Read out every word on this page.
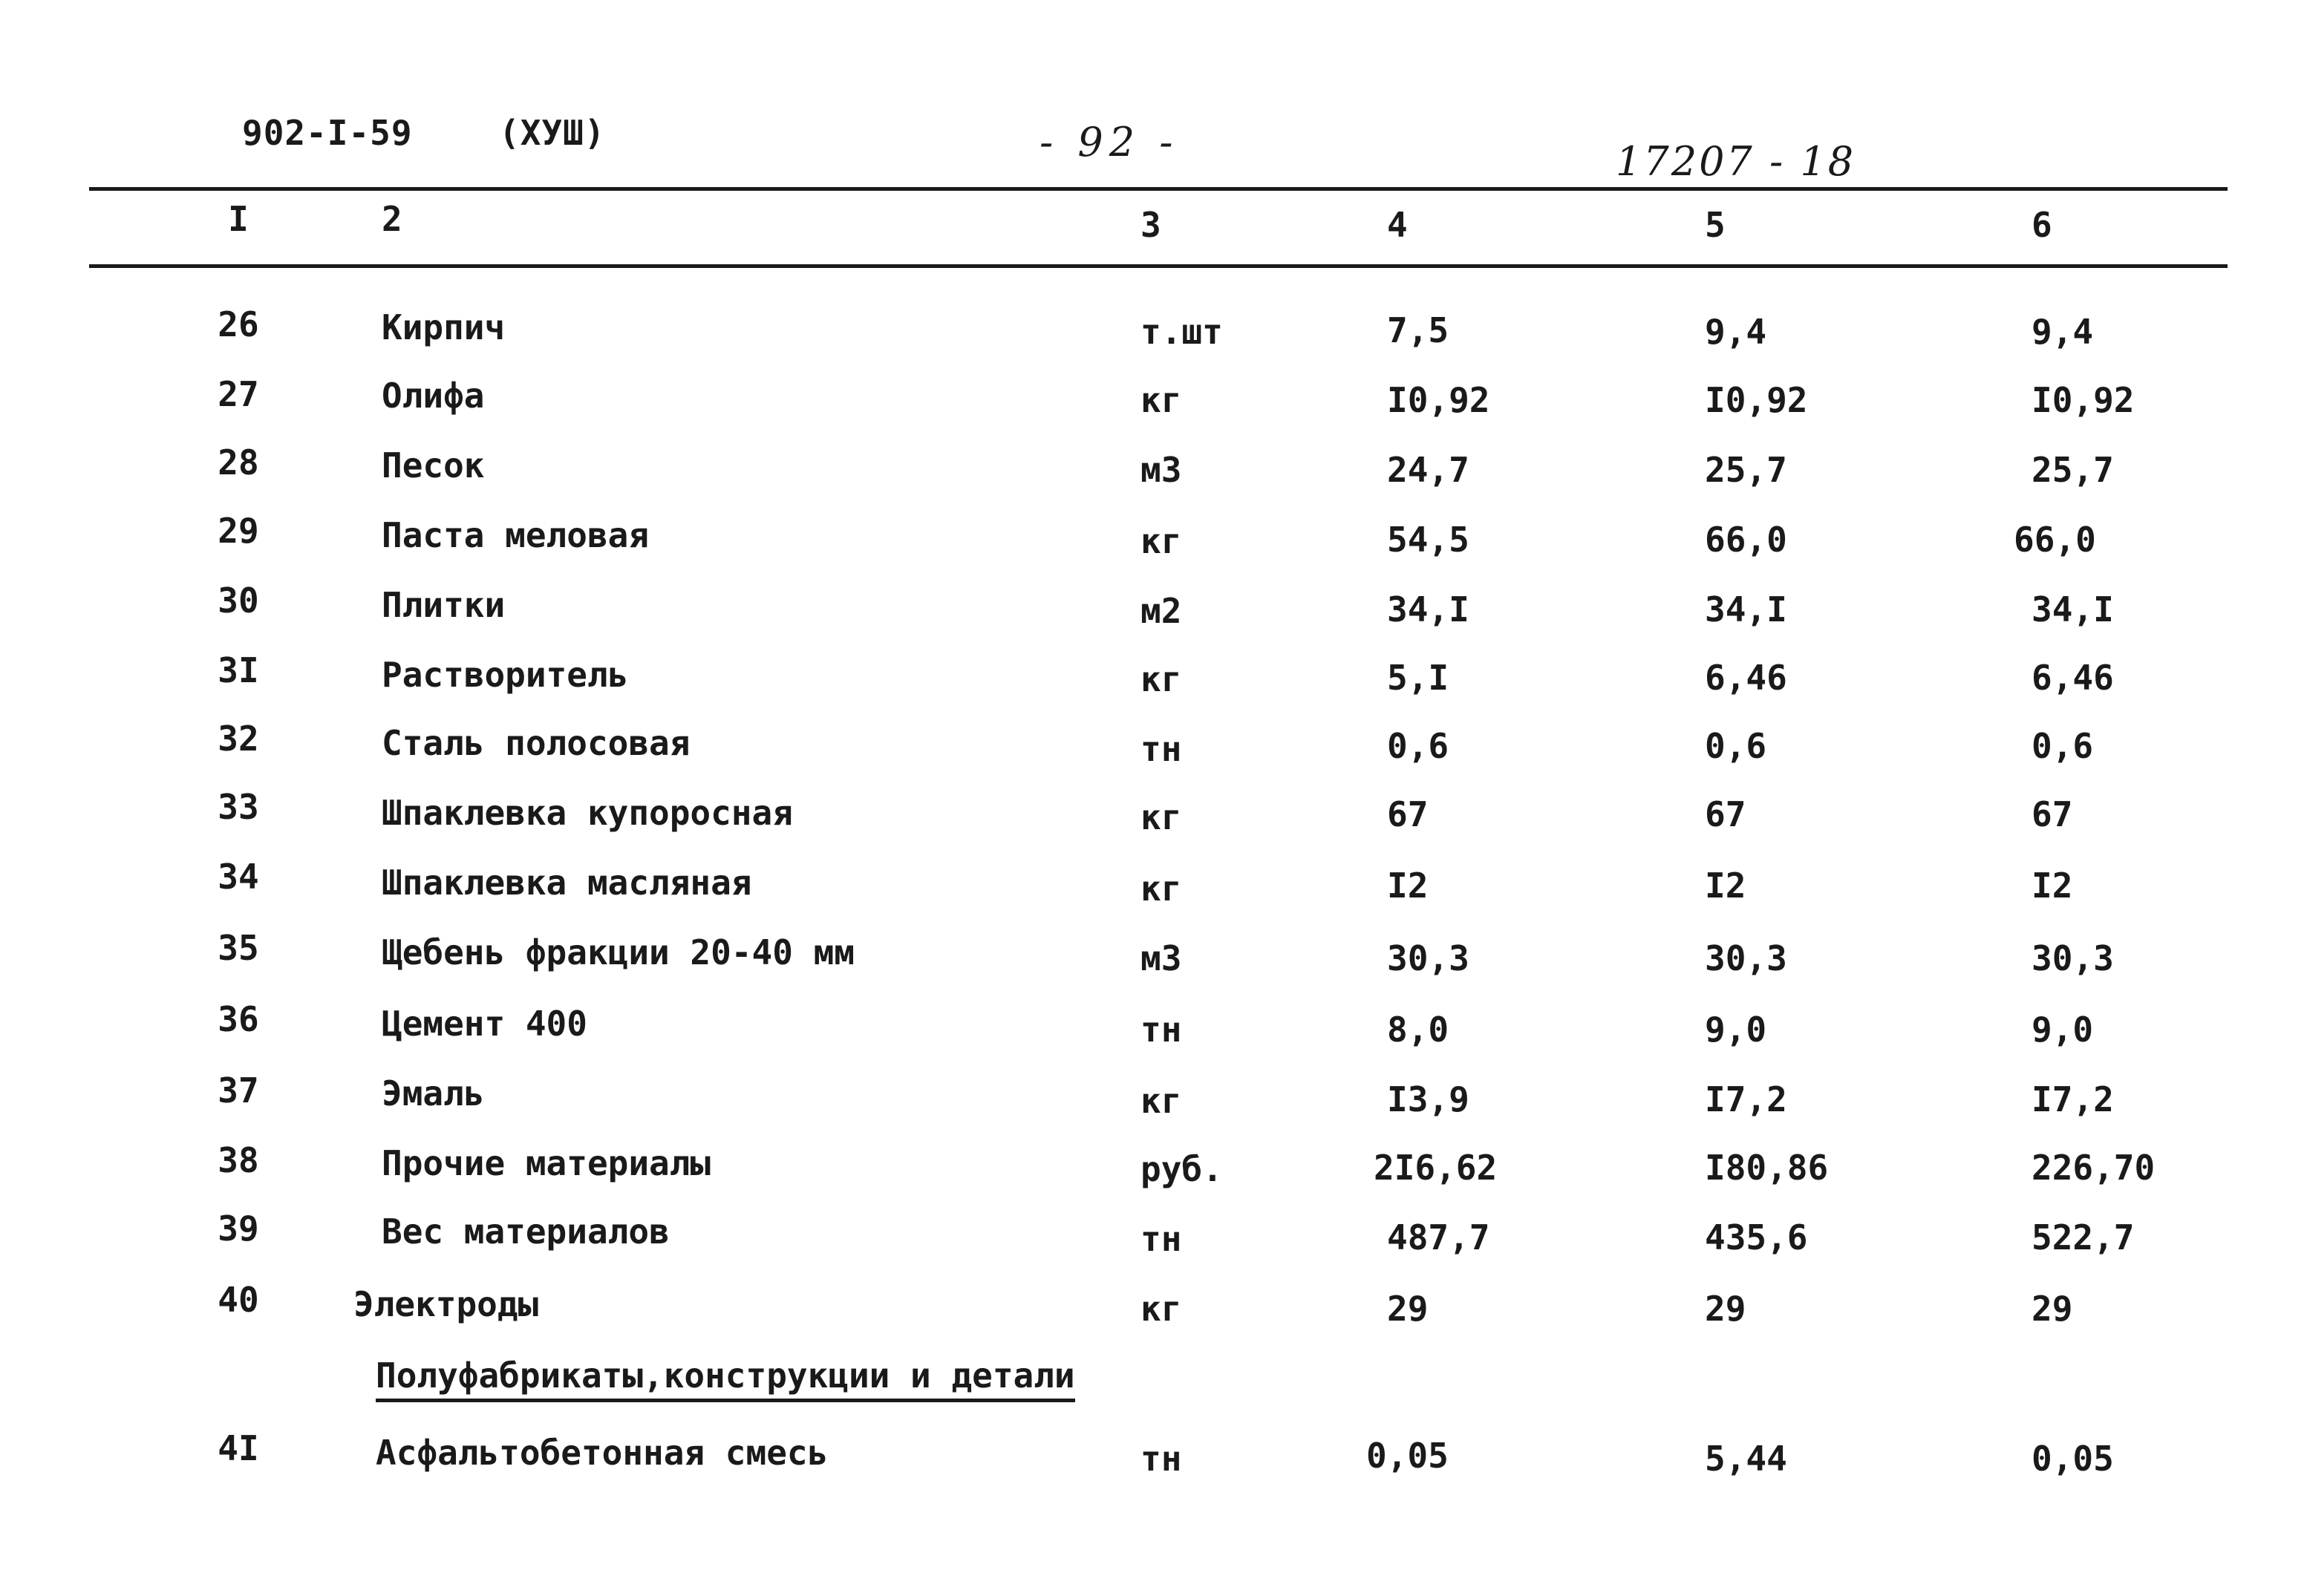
902-I-59	(ХУШ)	- 92 -	17207 - 18
I	2	3	4	5	6
26	Кирпич	т.шт	7,5	9,4	9,4
27	Олифа	кг	I0,92	I0,92	I0,92
28	Песок	м3	24,7	25,7	25,7
29	Паста меловая	кг	54,5	66,0	66,0
30	Плитки	м2	34,I	34,I	34,I
3I	Растворитель	кг	5,I	6,46	6,46
32	Сталь полосовая	тн	0,6	0,6	0,6
33	Шпаклевка купоросная	кг	67	67	67
34	Шпаклевка масляная	кг	I2	I2	I2
35	Щебень фракции 20-40 мм	м3	30,3	30,3	30,3
36	Цемент 400	тн	8,0	9,0	9,0
37	Эмаль	кг	I3,9	I7,2	I7,2
38	Прочие материалы	руб.	2I6,62	I80,86	226,70
39	Вес материалов	тн	487,7	435,6	522,7
40	Электроды	кг	29	29	29
Полуфабрикаты,конструкции и детали
4I	Асфальтобетонная смесь	тн	0,05	5,44	0,05
